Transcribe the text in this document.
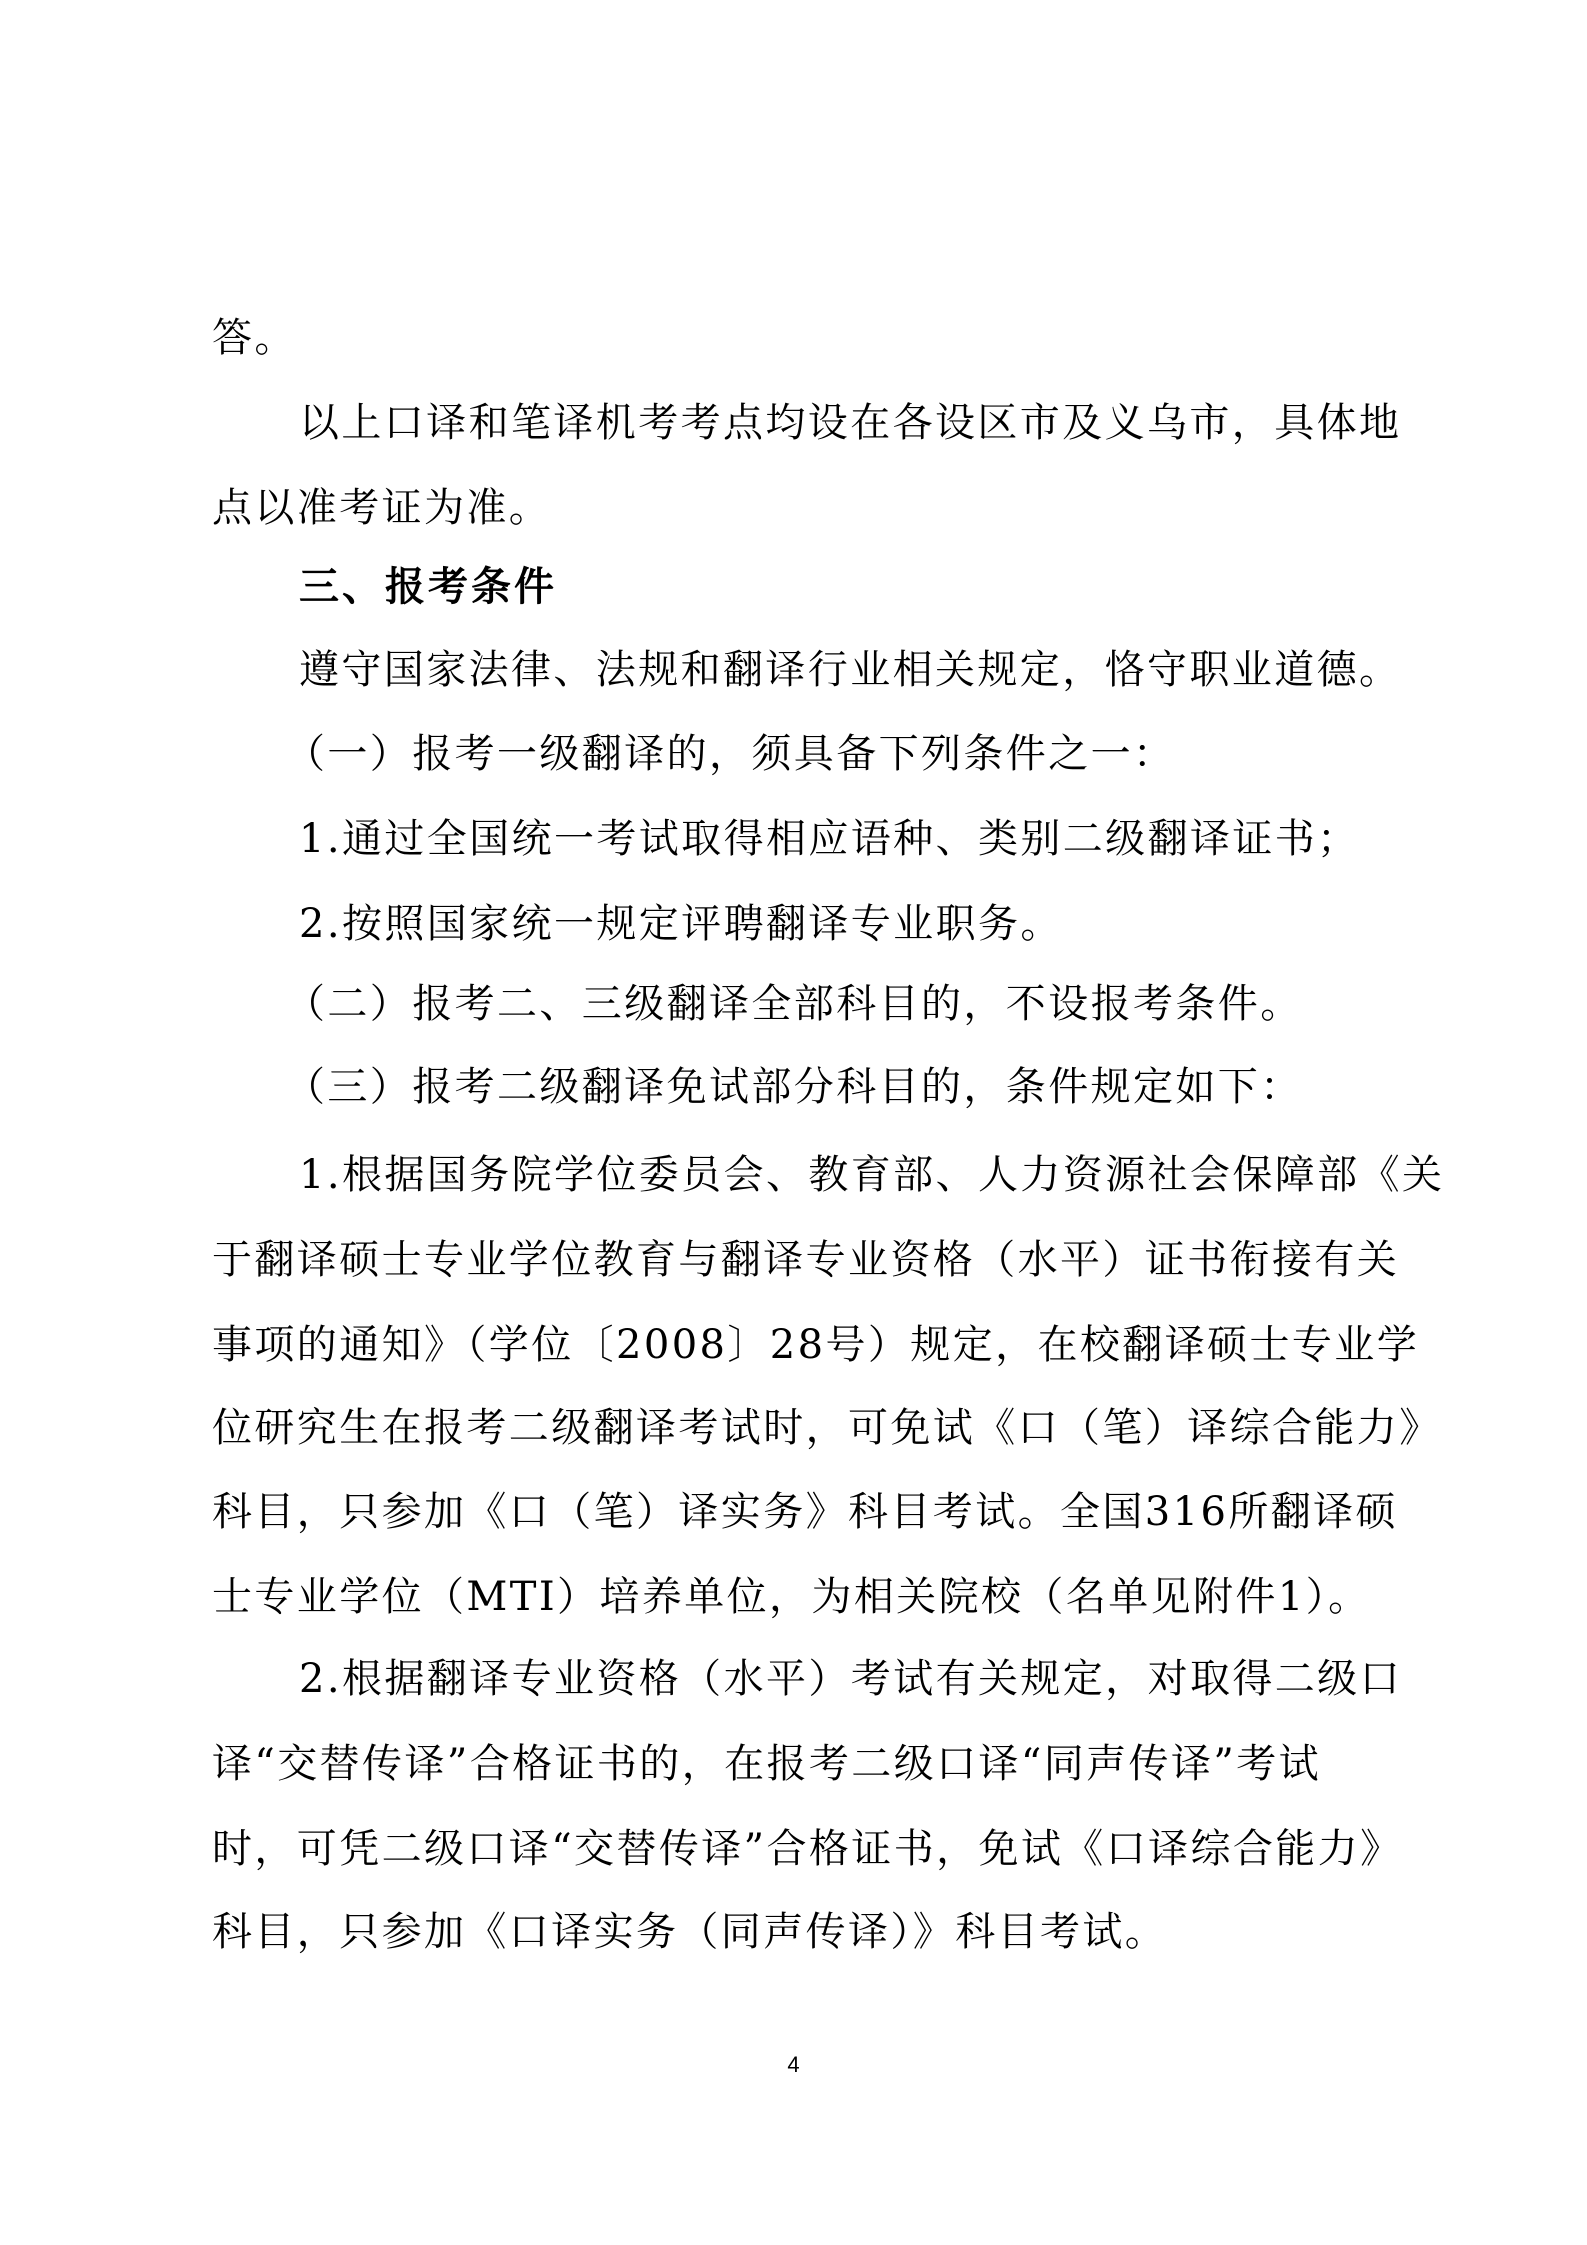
答。
以上口译和笔译机考考点均设在各设区市及义乌市，具体地
点以准考证为准。
三、报考条件
遵守国家法律、法规和翻译行业相关规定，恪守职业道德。
（一）报考一级翻译的，须具备下列条件之一：
1.通过全国统一考试取得相应语种、类别二级翻译证书；
2.按照国家统一规定评聘翻译专业职务。
（二）报考二、三级翻译全部科目的，不设报考条件。
（三）报考二级翻译免试部分科目的，条件规定如下：
1.根据国务院学位委员会、教育部、人力资源社会保障部《关
于翻译硕士专业学位教育与翻译专业资格（水平）证书衔接有关
事项的通知》（学位〔2008〕28号）规定，在校翻译硕士专业学
位研究生在报考二级翻译考试时，可免试《口（笔）译综合能力》
科目，只参加《口（笔）译实务》科目考试。全国316所翻译硕
士专业学位（MTI）培养单位，为相关院校（名单见附件1）。
2.根据翻译专业资格（水平）考试有关规定，对取得二级口
译“交替传译”合格证书的，在报考二级口译“同声传译”考试
时，可凭二级口译“交替传译”合格证书，免试《口译综合能力》
科目，只参加《口译实务（同声传译）》科目考试。
4
